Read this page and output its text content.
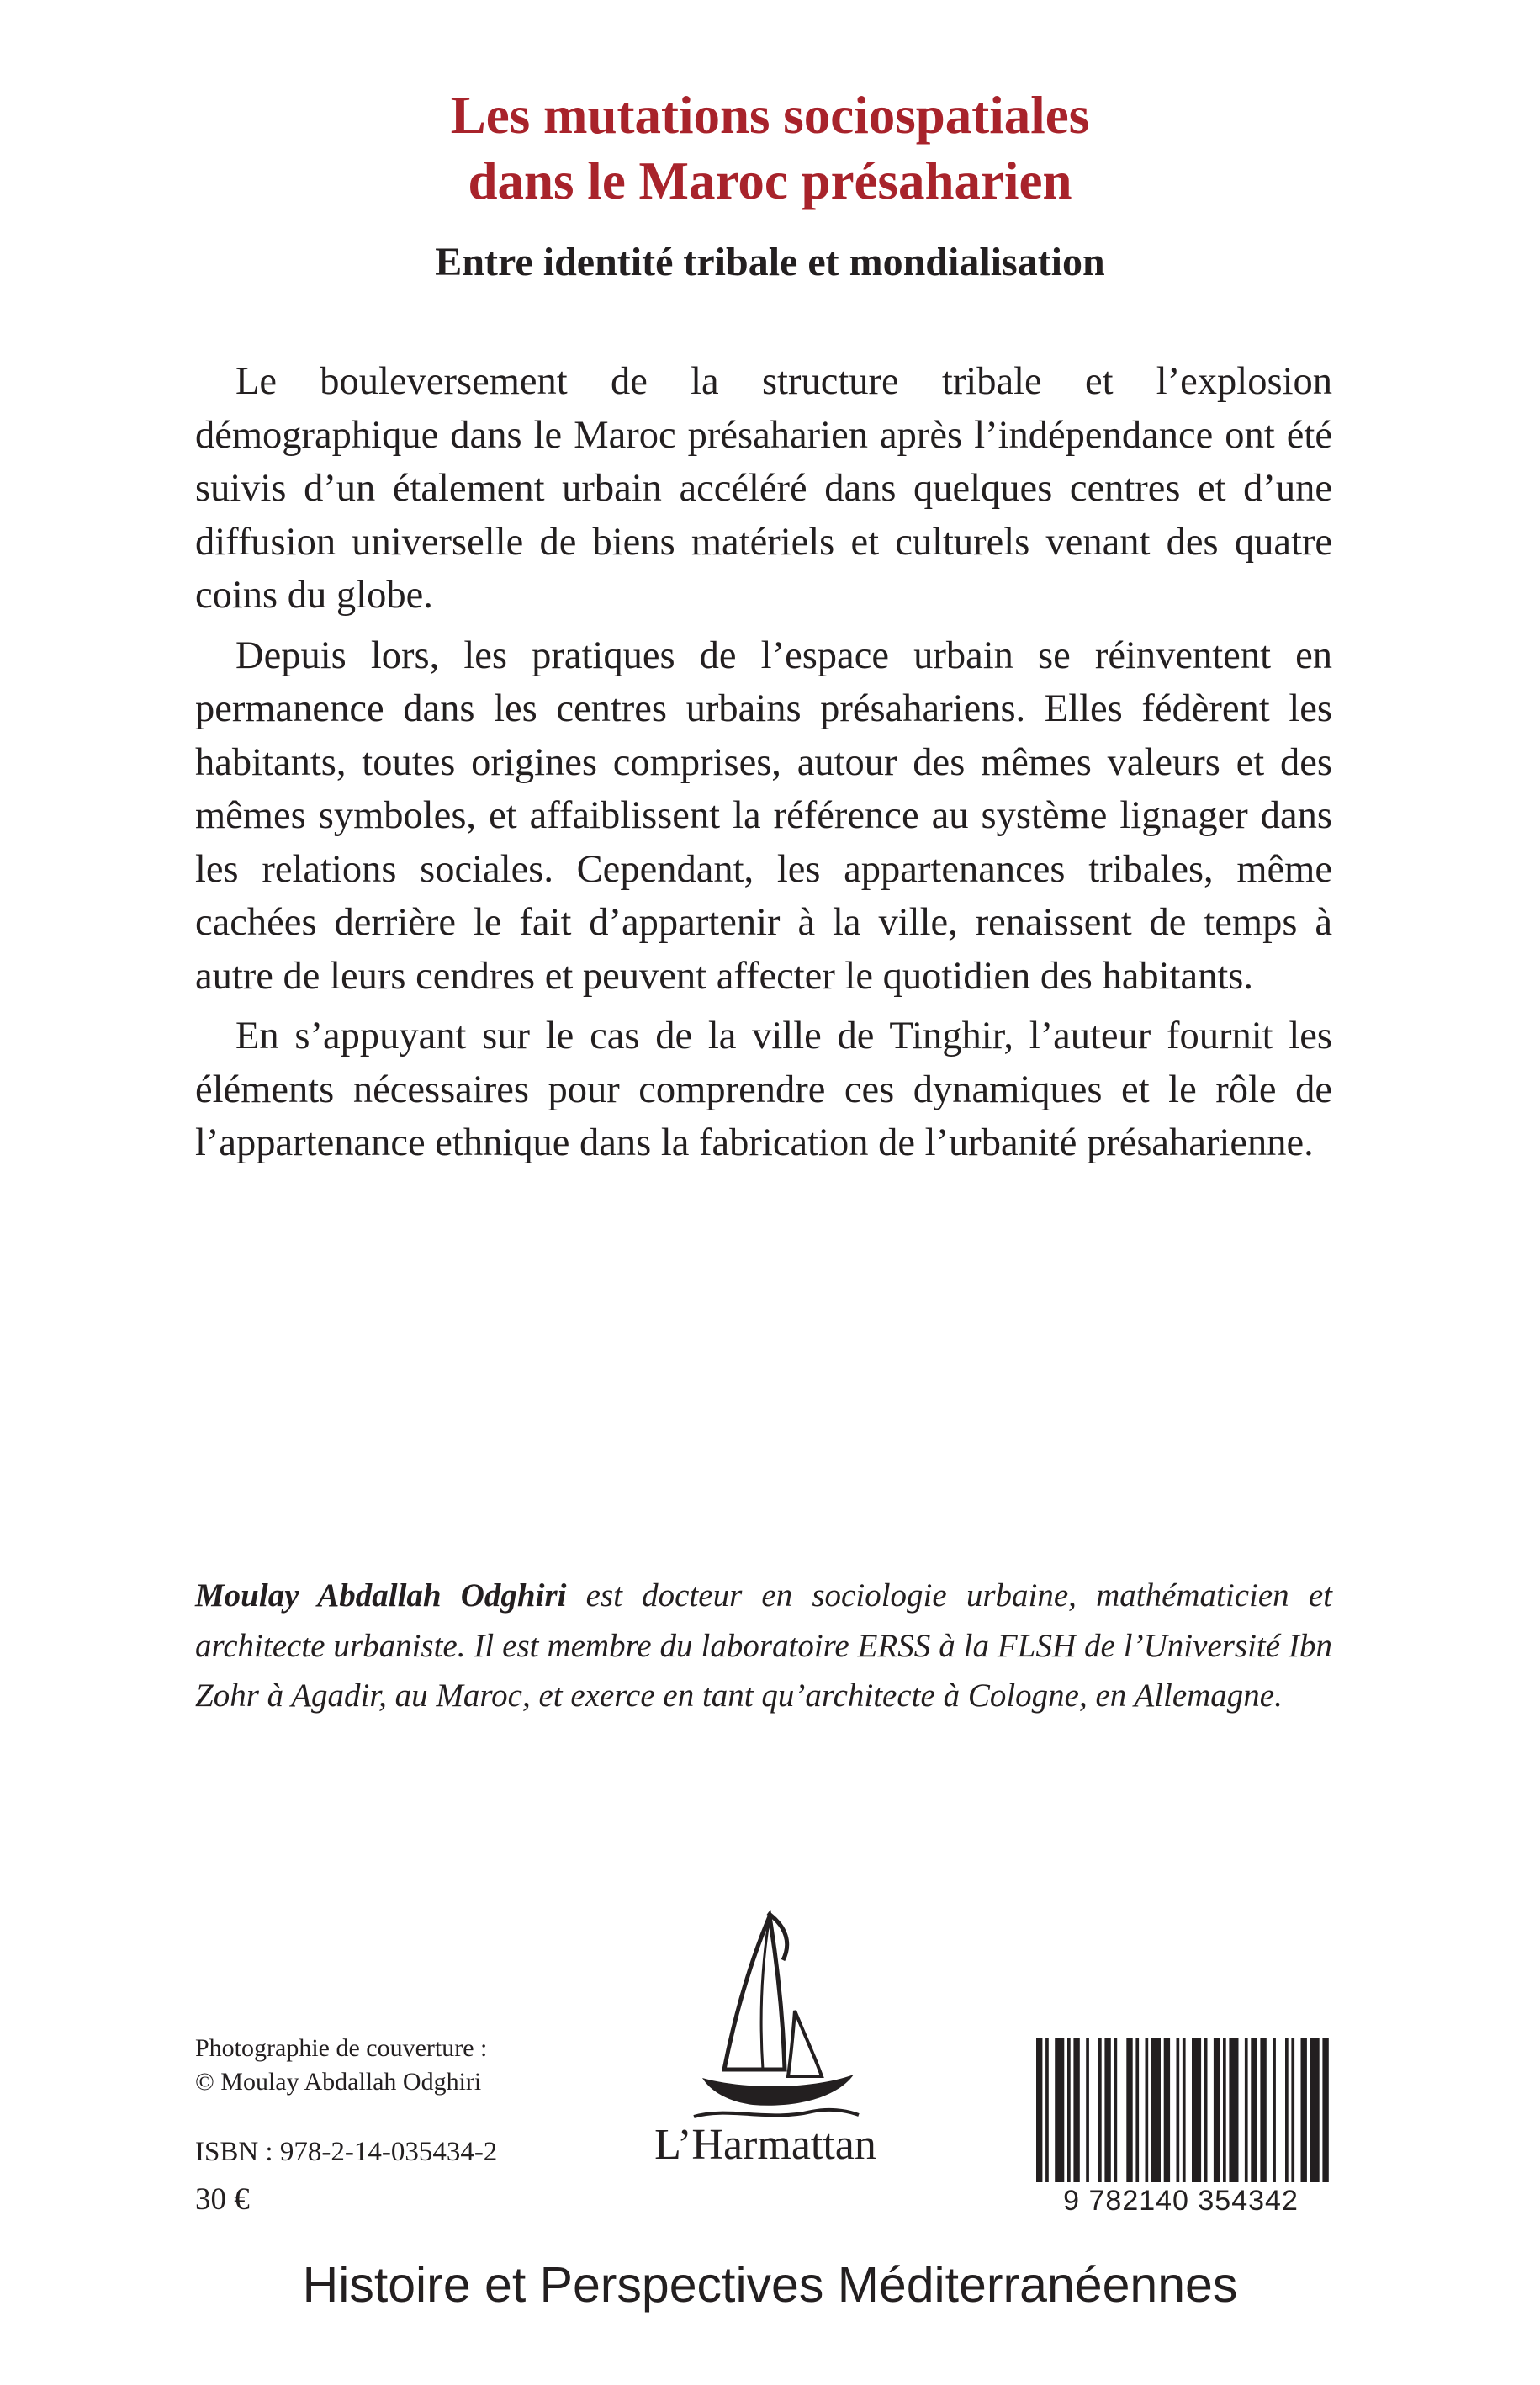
Les mutations sociospatiales
dans le Maroc présaharien
Entre identité tribale et mondialisation

Le bouleversement de la structure tribale et l’explosion démographique dans le Maroc présaharien après l’indépendance ont été suivis d’un étalement urbain accéléré dans quelques centres et d’une diffusion universelle de biens matériels et culturels venant des quatre coins du globe.

Depuis lors, les pratiques de l’espace urbain se réinventent en permanence dans les centres urbains présahariens. Elles fédèrent les habitants, toutes origines comprises, autour des mêmes valeurs et des mêmes symboles, et affaiblissent la référence au système lignager dans les relations sociales. Cependant, les appartenances tribales, même cachées derrière le fait d’appartenir à la ville, renaissent de temps à autre de leurs cendres et peuvent affecter le quotidien des habitants.

En s’appuyant sur le cas de la ville de Tinghir, l’auteur fournit les éléments nécessaires pour comprendre ces dynamiques et le rôle de l’appartenance ethnique dans la fabrication de l’urbanité présaharienne.

Moulay Abdallah Odghiri est docteur en sociologie urbaine, mathématicien et architecte urbaniste. Il est membre du laboratoire ERSS à la FLSH de l’Université Ibn Zohr à Agadir, au Maroc, et exerce en tant qu’architecte à Cologne, en Allemagne.

Photographie de couverture :
© Moulay Abdallah Odghiri
ISBN : 978-2-14-035434-2
30 €
L’Harmattan
9 782140 354342
Histoire et Perspectives Méditerranéennes
